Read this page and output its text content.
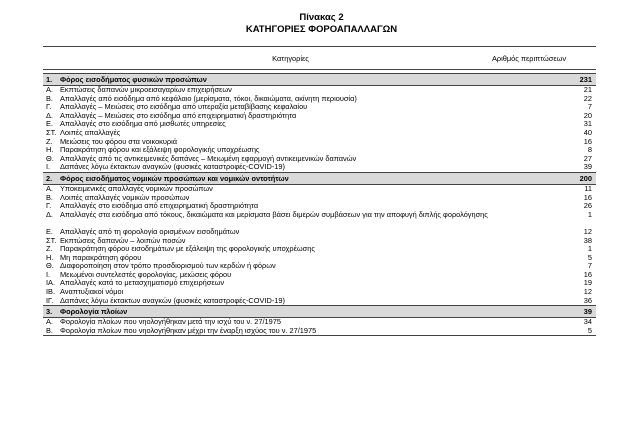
Πίνακας 2
ΚΑΤΗΓΟΡΙΕΣ ΦΟΡΟΑΠΑΛΛΑΓΩΝ
Κατηγορίες	Αριθμός περιπτώσεων
1.	Φόρος εισοδήματος φυσικών προσώπων	231
Α. Εκπτώσεις δαπανών μικροεισαγαρίων επιχειρήσεων	21
Β. Απαλλαγές από εισόδημα από κεφάλαιο (μερίσματα, τόκοι, δικαιώματα, ακίνητη περιουσία)	22
Γ.	Απαλλαγές – Μειώσεις στο εισόδημα από υπεραξία μεταβίβασης κεφαλαίου	7
Δ. Απαλλαγές – Μειώσεις στο εισόδημα από επιχειρηματική δραστηριότητα	20
Ε. Απαλλαγές στο εισόδημα από μισθωτές υπηρεσίες	31
ΣΤ. Λοιπές απαλλαγές	40
Ζ.	Μειώσεις του φόρου στα νοικοκυριά	16
Η. Παρακράτηση φόρου και εξάλειψη φορολογικής υποχρέωσης	8
Θ. Απαλλαγές από τις αντικειμενικές δαπάνες – Μειωμένη εφαρμογή αντικειμενικών δαπανών	27
Ι.	Δαπάνες λόγω έκτακτων αναγκών (φυσικές καταστροφές-COVID-19)	39
2.	Φόρος εισοδήματος νομικών προσώπων και νομικών οντοτήτων	200
Α. Υποκειμενικές απαλλαγές νομικών προσώπων	11
Β. Λοιπές απαλλαγές νομικών προσώπων	16
Γ.	Απαλλαγές στο εισόδημα από επιχειρηματική δραστηριότητα	26
Δ. Απαλλαγές στα εισόδημα από τόκους, δικαιώματα και μερίσματα βάσει διμερών συμβάσεων για την αποφυγή διπλής φορολόγησης	1
Ε. Απαλλαγές από τη φορολογία ορισμένων εισοδημάτων	12
ΣΤ. Εκπτώσεις δαπανών – λοιπών ποσών	38
Ζ.	Παρακράτηση φόρου εισοδημάτων με εξάλειψη της φορολογικής υποχρέωσης	1
Η. Μη παρακράτηση φόρου	5
Θ. Διαφοροποίηση στον τρόπο προσδιορισμού των κερδών ή φόρων	7
Ι.	Μειωμένοι συντελεστές φορολογίας, μειώσεις φόρου	16
ΙΑ. Απαλλαγές κατά το μετασχηματισμό επιχειρήσεων	19
ΙΒ. Αναπτυξιακοί νόμοι	12
ΙΓ. Δαπάνες λόγω έκτακτων αναγκών (φυσικές καταστροφές-COVID-19)	36
3.	Φορολογία πλοίων	39
Α. Φορολογία πλοίων που νηολογήθηκαν μετά την ισχύ του ν. 27/1975	34
Β. Φορολογία πλοίων που νηολογήθηκαν μέχρι την έναρξη ισχύος του ν. 27/1975	5
